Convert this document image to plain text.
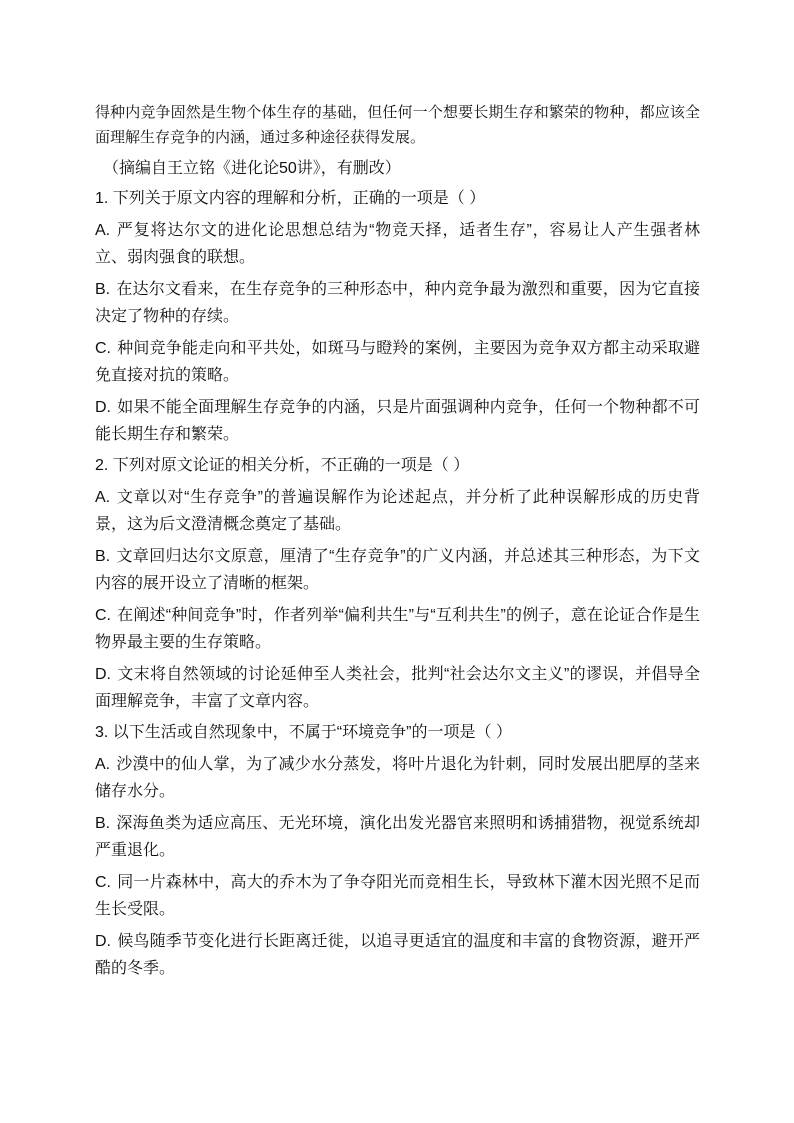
得种内竞争固然是生物个体生存的基础，但任何一个想要长期生存和繁荣的物种，都应该全面理解生存竞争的内涵，通过多种途径获得发展。

（摘编自王立铭《进化论50讲》，有删改）

1. 下列关于原文内容的理解和分析，正确的一项是（ ）

A. 严复将达尔文的进化论思想总结为“物竞天择，适者生存”，容易让人产生强者林立、弱肉强食的联想。

B. 在达尔文看来，在生存竞争的三种形态中，种内竞争最为激烈和重要，因为它直接决定了物种的存续。

C. 种间竞争能走向和平共处，如斑马与瞪羚的案例，主要因为竞争双方都主动采取避免直接对抗的策略。

D. 如果不能全面理解生存竞争的内涵，只是片面强调种内竞争，任何一个物种都不可能长期生存和繁荣。

2. 下列对原文论证的相关分析，不正确的一项是（ ）

A. 文章以对“生存竞争”的普遍误解作为论述起点，并分析了此种误解形成的历史背景，这为后文澄清概念奠定了基础。

B. 文章回归达尔文原意，厘清了“生存竞争”的广义内涵，并总述其三种形态，为下文内容的展开设立了清晰的框架。

C. 在阐述“种间竞争”时，作者列举“偏利共生”与“互利共生”的例子，意在论证合作是生物界最主要的生存策略。

D. 文末将自然领域的讨论延伸至人类社会，批判“社会达尔文主义”的谬误，并倡导全面理解竞争，丰富了文章内容。

3. 以下生活或自然现象中，不属于“环境竞争”的一项是（ ）

A. 沙漠中的仙人掌，为了减少水分蒸发，将叶片退化为针刺，同时发展出肥厚的茎来储存水分。

B. 深海鱼类为适应高压、无光环境，演化出发光器官来照明和诱捕猎物，视觉系统却严重退化。

C. 同一片森林中，高大的乔木为了争夺阳光而竞相生长，导致林下灌木因光照不足而生长受限。

D. 候鸟随季节变化进行长距离迁徙，以追寻更适宜的温度和丰富的食物资源，避开严酷的冬季。
